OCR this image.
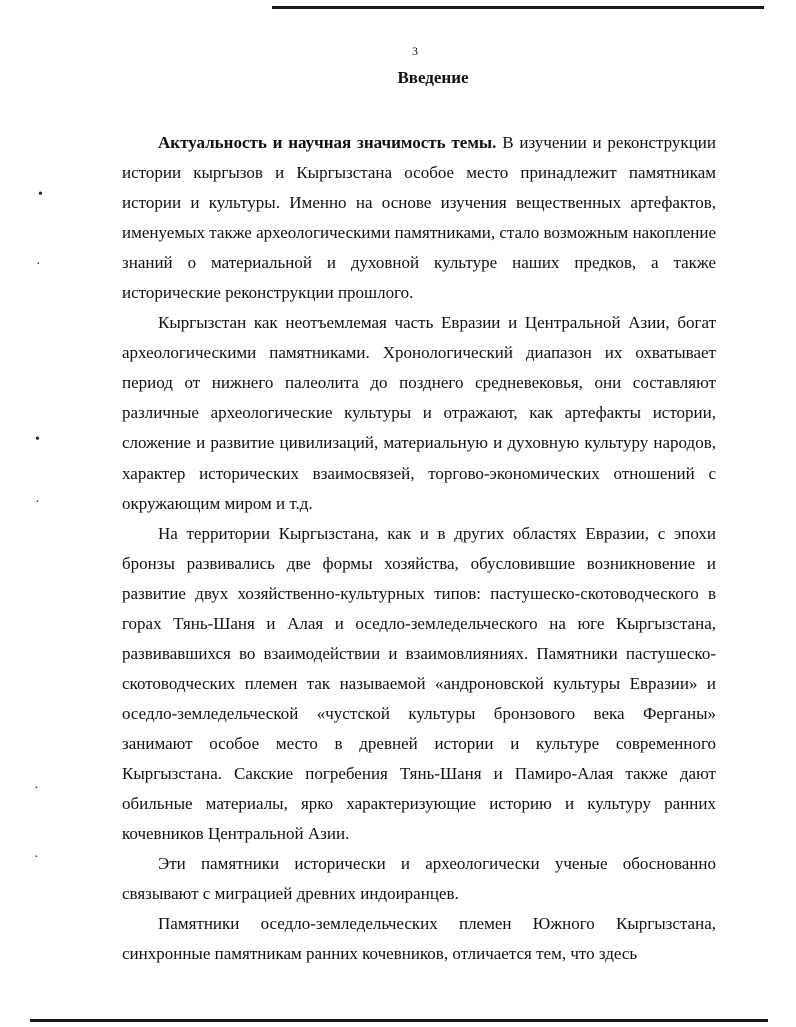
3
Введение

Актуальность и научная значимость темы. В изучении и реконструкции истории кыргызов и Кыргызстана особое место принадлежит памятникам истории и культуры. Именно на основе изучения вещественных артефактов, именуемых также археологическими памятниками, стало возможным накопление знаний о материальной и духовной культуре наших предков, а также исторические реконструкции прошлого.

Кыргызстан как неотъемлемая часть Евразии и Центральной Азии, богат археологическими памятниками. Хронологический диапазон их охватывает период от нижнего палеолита до позднего средневековья, они составляют различные археологические культуры и отражают, как артефакты истории, сложение и развитие цивилизаций, материальную и духовную культуру народов, характер исторических взаимосвязей, торгово-экономических отношений с окружающим миром и т.д.

На территории Кыргызстана, как и в других областях Евразии, с эпохи бронзы развивались две формы хозяйства, обусловившие возникновение и развитие двух хозяйственно-культурных типов: пастушеско-скотоводческого в горах Тянь-Шаня и Алая и оседло-земледельческого на юге Кыргызстана, развивавшихся во взаимодействии и взаимовлияниях. Памятники пастушеско-скотоводческих племен так называемой «андроновской культуры Евразии» и оседло-земледельческой «чустской культуры бронзового века Ферганы» занимают особое место в древней истории и культуре современного Кыргызстана. Сакские погребения Тянь-Шаня и Памиро-Алая также дают обильные материалы, ярко характеризующие историю и культуру ранних кочевников Центральной Азии.

Эти памятники исторически и археологически ученые обоснованно связывают с миграцией древних индоиранцев.

Памятники оседло-земледельческих племен Южного Кыргызстана, синхронные памятникам ранних кочевников, отличается тем, что здесь

•
·
•
·
·
·
